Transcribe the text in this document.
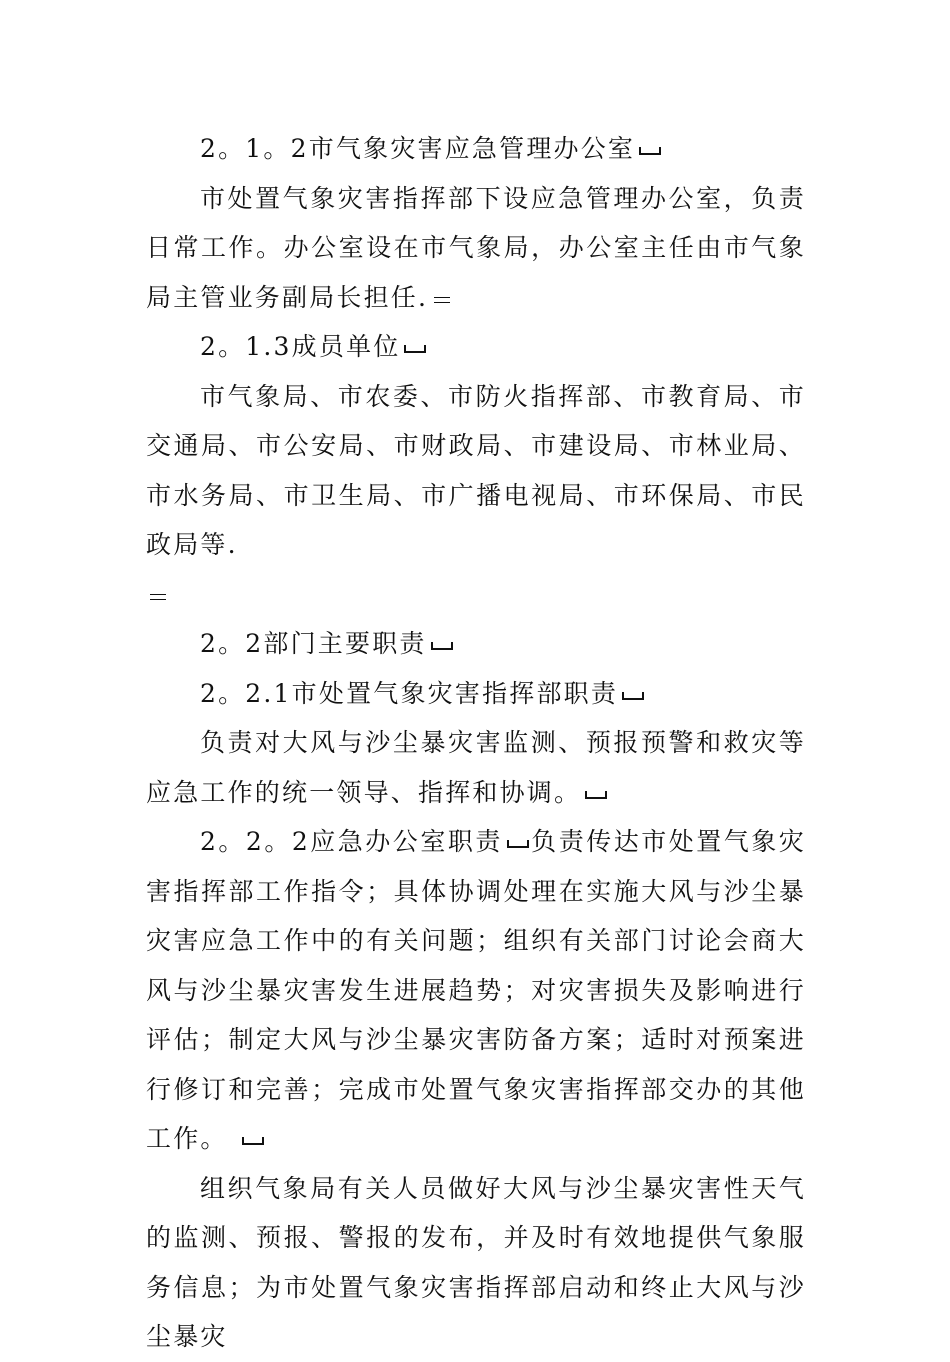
2。1。2市气象灾害应急管理办公室

市处置气象灾害指挥部下设应急管理办公室，负责日常工作。办公室设在市气象局，办公室主任由市气象局主管业务副局长担任.

2。1.3成员单位

市气象局、市农委、市防火指挥部、市教育局、市交通局、市公安局、市财政局、市建设局、市林业局、市水务局、市卫生局、市广播电视局、市环保局、市民政局等.

2。2部门主要职责

2。2.1市处置气象灾害指挥部职责

负责对大风与沙尘暴灾害监测、预报预警和救灾等应急工作的统一领导、指挥和协调。

2。2。2应急办公室职责 负责传达市处置气象灾害指挥部工作指令；具体协调处理在实施大风与沙尘暴灾害应急工作中的有关问题；组织有关部门讨论会商大风与沙尘暴灾害发生进展趋势；对灾害损失及影响进行评估；制定大风与沙尘暴灾害防备方案；适时对预案进行修订和完善；完成市处置气象灾害指挥部交办的其他工作。

组织气象局有关人员做好大风与沙尘暴灾害性天气的监测、预报、警报的发布，并及时有效地提供气象服务信息；为市处置气象灾害指挥部启动和终止大风与沙尘暴灾
